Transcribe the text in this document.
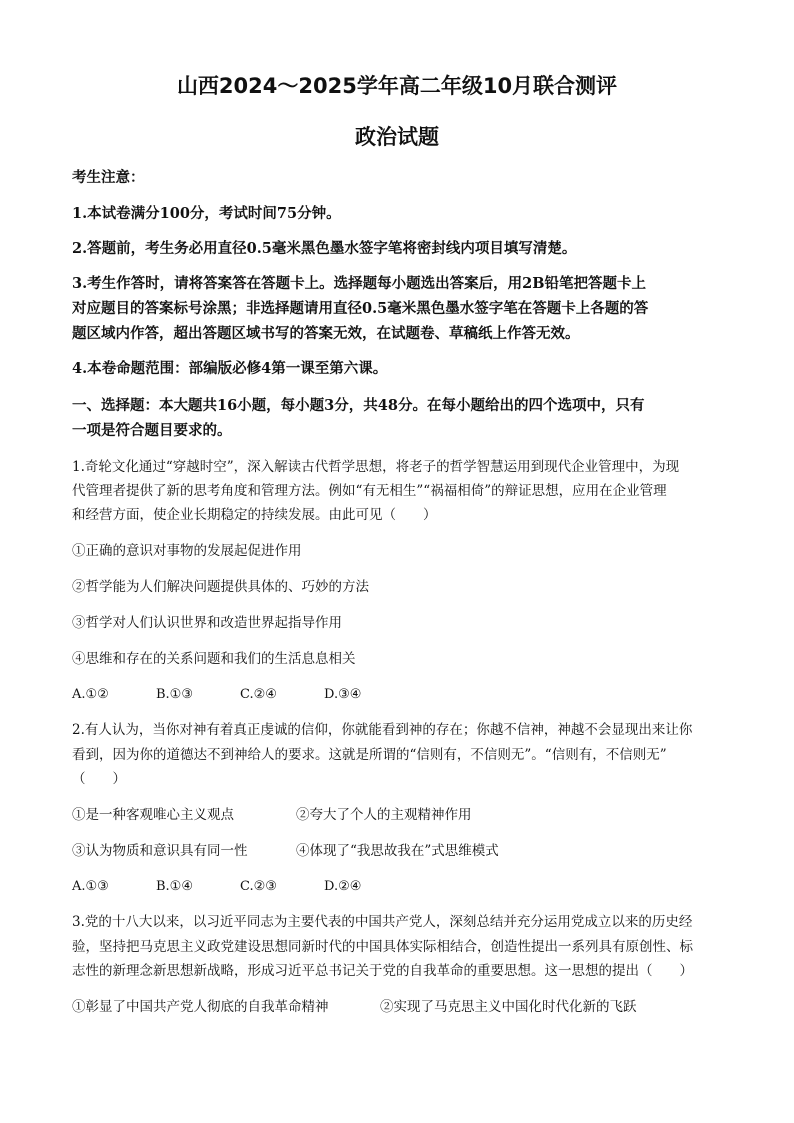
山西2024～2025学年高二年级10月联合测评
政治试题
考生注意：
1.本试卷满分100分，考试时间75分钟。
2.答题前，考生务必用直径0.5毫米黑色墨水签字笔将密封线内项目填写清楚。
3.考生作答时，请将答案答在答题卡上。选择题每小题选出答案后，用2B铅笔把答题卡上
对应题目的答案标号涂黑；非选择题请用直径0.5毫米黑色墨水签字笔在答题卡上各题的答
题区域内作答，超出答题区域书写的答案无效，在试题卷、草稿纸上作答无效。
4.本卷命题范围：部编版必修4第一课至第六课。
一、选择题：本大题共16小题，每小题3分，共48分。在每小题给出的四个选项中，只有
一项是符合题目要求的。
1.奇轮文化通过“穿越时空”，深入解读古代哲学思想，将老子的哲学智慧运用到现代企业管理中，为现
代管理者提供了新的思考角度和管理方法。例如“有无相生”“祸福相倚”的辩证思想，应用在企业管理
和经营方面，使企业长期稳定的持续发展。由此可见（　　）
①正确的意识对事物的发展起促进作用
②哲学能为人们解决问题提供具体的、巧妙的方法
③哲学对人们认识世界和改造世界起指导作用
④思维和存在的关系问题和我们的生活息息相关
A.①②	B.①③	C.②④	D.③④
2.有人认为，当你对神有着真正虔诚的信仰，你就能看到神的存在；你越不信神，神越不会显现出来让你
看到，因为你的道德达不到神给人的要求。这就是所谓的“信则有，不信则无”。“信则有，不信则无”
（　　）
①是一种客观唯心主义观点	②夸大了个人的主观精神作用
③认为物质和意识具有同一性	④体现了“我思故我在”式思维模式
A.①③	B.①④	C.②③	D.②④
3.党的十八大以来，以习近平同志为主要代表的中国共产党人，深刻总结并充分运用党成立以来的历史经
验，坚持把马克思主义政党建设思想同新时代的中国具体实际相结合，创造性提出一系列具有原创性、标
志性的新理念新思想新战略，形成习近平总书记关于党的自我革命的重要思想。这一思想的提出（　　）
①彰显了中国共产党人彻底的自我革命精神	②实现了马克思主义中国化时代化新的飞跃
